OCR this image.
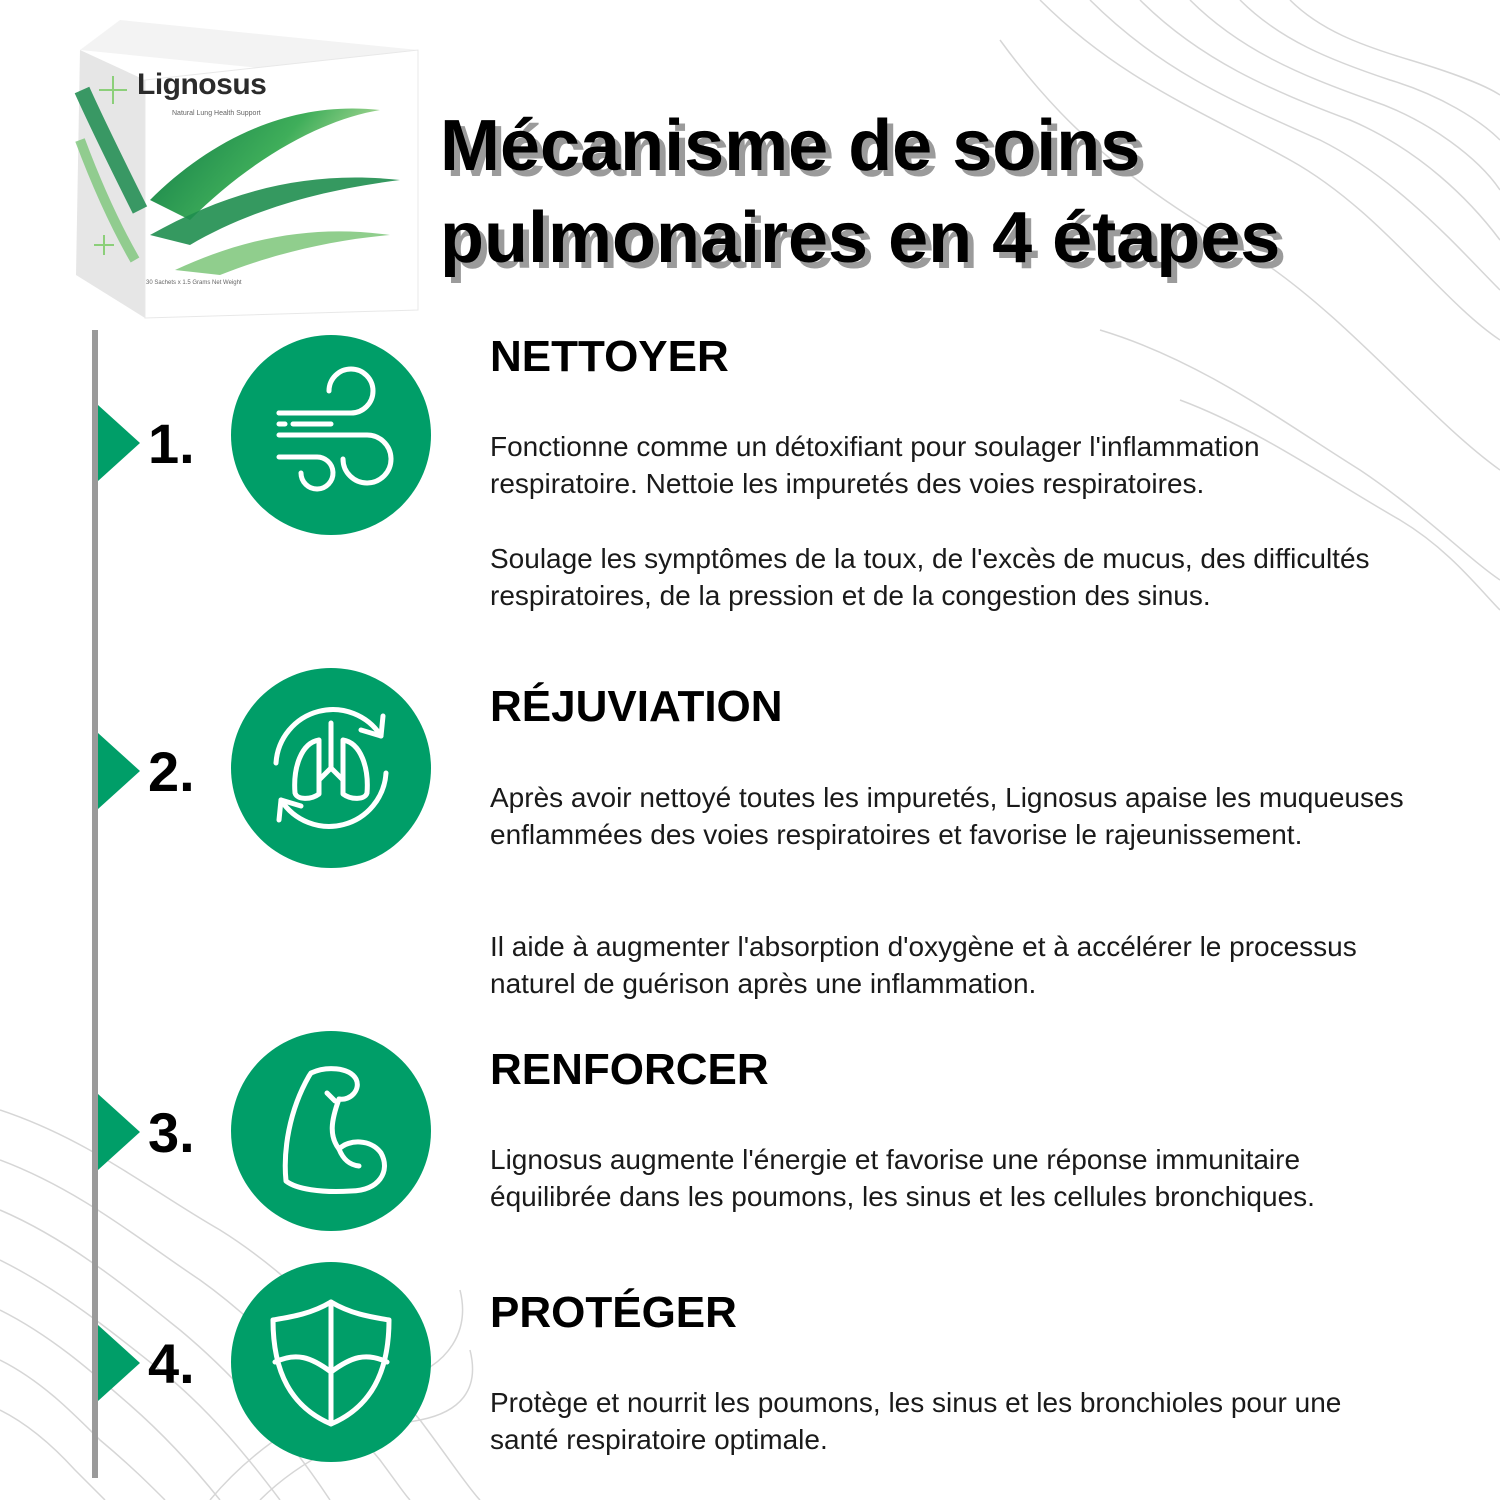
Lignosus
Natural Lung Health Support
30 Sachets x 1.5 Grams Net Weight
Mécanisme de soins
pulmonaires en 4 étapes
1.
NETTOYER

Fonctionne comme un détoxifiant pour soulager l'inflammation respiratoire. Nettoie les impuretés des voies respiratoires.

Soulage les symptômes de la toux, de l'excès de mucus, des difficultés respiratoires, de la pression et de la congestion des sinus.

2.
RÉJUVIATION

Après avoir nettoyé toutes les impuretés, Lignosus apaise les muqueuses enflammées des voies respiratoires et favorise le rajeunissement.

Il aide à augmenter l'absorption d'oxygène et à accélérer le processus naturel de guérison après une inflammation.

3.
RENFORCER

Lignosus augmente l'énergie et favorise une réponse immunitaire équilibrée dans les poumons, les sinus et les cellules bronchiques.

4.
PROTÉGER

Protège et nourrit les poumons, les sinus et les bronchioles pour une santé respiratoire optimale.
